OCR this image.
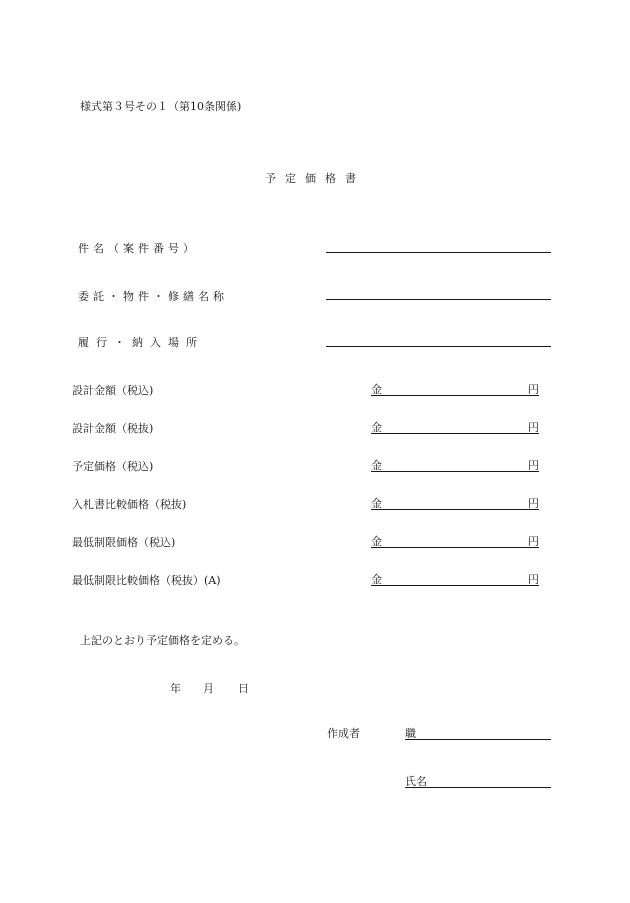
様式第３号その１（第10条関係)
予定価格書
件名（案件番号）
委託・物件・修繕名称
履行・納入場所
設計金額（税込)	金	円
設計金額（税抜)	金	円
予定価格（税込)	金	円
入札書比較価格（税抜)	金	円
最低制限価格（税込)	金	円
最低制限比較価格（税抜）(A)	金	円
上記のとおり予定価格を定める。
年 月 日
作成者	職
氏名
